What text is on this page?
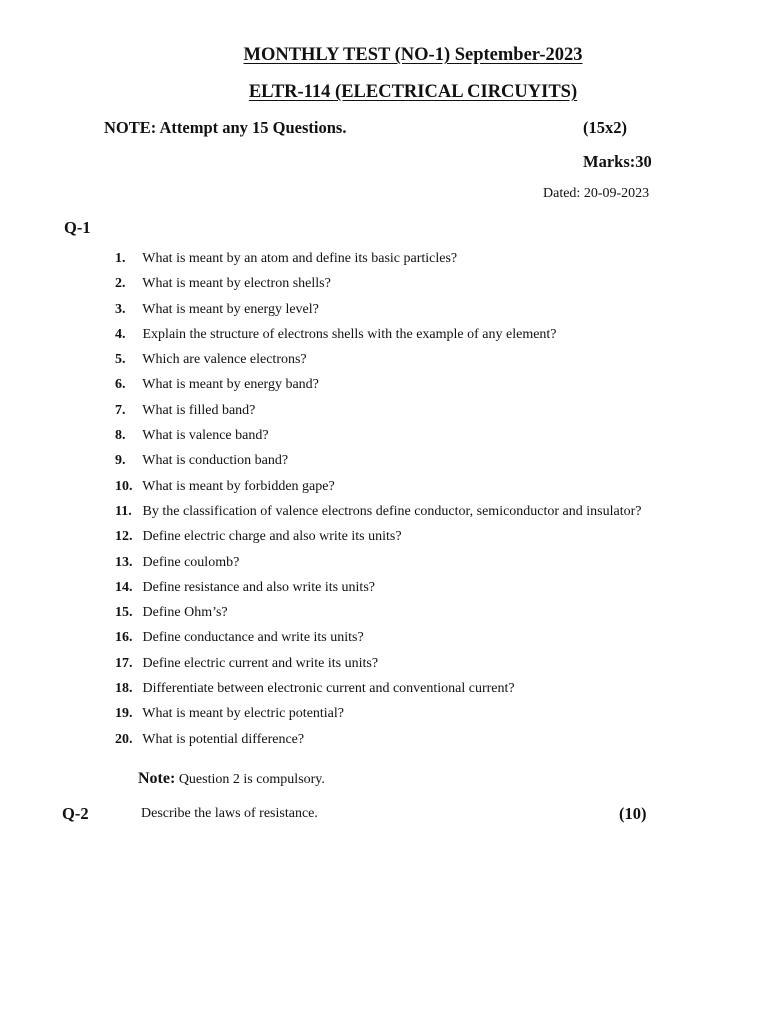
MONTHLY TEST (NO-1) September-2023
ELTR-114 (ELECTRICAL CIRCUYITS)
NOTE: Attempt any 15 Questions.	(15x2)
Marks:30
Dated: 20-09-2023
Q-1
1. What is meant by an atom and define its basic particles?
2. What is meant by electron shells?
3. What is meant by energy level?
4. Explain the structure of electrons shells with the example of any element?
5. Which are valence electrons?
6. What is meant by energy band?
7. What is filled band?
8. What is valence band?
9. What is conduction band?
10. What is meant by forbidden gape?
11. By the classification of valence electrons define conductor, semiconductor and insulator?
12. Define electric charge and also write its units?
13. Define coulomb?
14. Define resistance and also write its units?
15. Define Ohm’s?
16. Define conductance and write its units?
17. Define electric current and write its units?
18. Differentiate between electronic current and conventional current?
19. What is meant by electric potential?
20. What is potential difference?
Note: Question 2 is compulsory.
Q-2	Describe the laws of resistance.	(10)
